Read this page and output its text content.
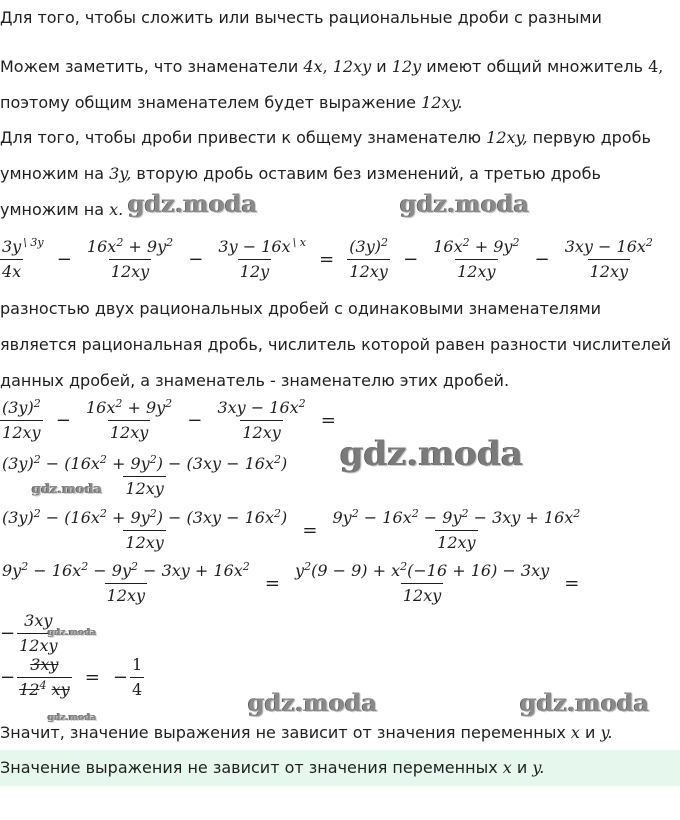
Для того, чтобы сложить или вычесть рациональные дроби с разными
Можем заметить, что знаменатели 4x, 12xy и 12y имеют общий множитель 4,
поэтому общим знаменателем будет выражение 12xy.
Для того, чтобы дроби привести к общему знаменателю 12xy, первую дробь
умножим на 3y, вторую дробь оставим без изменений, а третью дробь
умножим на x.
$\frac{3y}{4x} ^{\backslash 3y} - \frac{16x^2 + 9y^2}{12xy} - \frac{3y - 16x}{12y} ^{\backslash x} = \frac{(3y)^2}{12xy} - \frac{16x^2 + 9y^2}{12xy} - \frac{3xy - 16x^2}{12xy}$
разностью двух рациональных дробей с одинаковыми знаменателями
является рациональная дробь, числитель которой равен разности числителей
данных дробей, а знаменатель - знаменателю этих дробей.
$\frac{(3y)^2}{12xy} - \frac{16x^2 + 9y^2}{12xy} - \frac{3xy - 16x^2}{12xy}$ =
$\frac{(3y)^2 - (16x^2 + 9y^2) - (3xy - 16x^2)}{12xy}$
$\frac{(3y)^2 - (16x^2 + 9y^2) - (3xy - 16x^2)}{12xy} = \frac{9y^2 - 16x^2 - 9y^2 - 3xy + 16x^2}{12xy}$
$\frac{9y^2 - 16x^2 - 9y^2 - 3xy + 16x^2}{12xy} = \frac{y^2(9 - 9) + x^2(-16 + 16) - 3xy}{12xy}$ =
− $\frac{3xy}{12xy}$
− $\frac{3xy}{12^4 xy}$ = − $\frac{1}{4}$
Значит, значение выражения не зависит от значения переменных x и y.
Значение выражения не зависит от значения переменных x и y.
gdz.moda	gdz.moda
gdz.moda
gdz.moda
gdz.moda
gdz.moda	gdz.moda
gdz.moda
